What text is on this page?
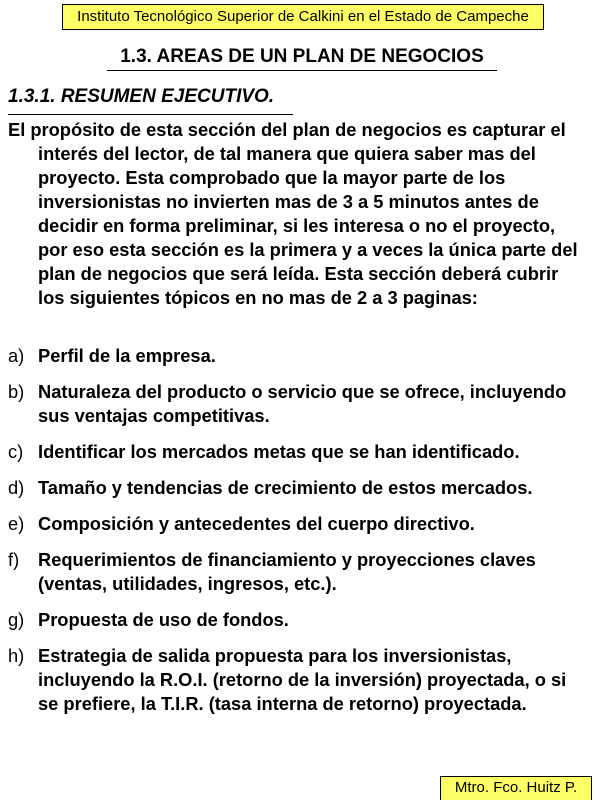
Instituto Tecnológico Superior de Calkini en el Estado de Campeche
1.3. AREAS DE UN PLAN DE NEGOCIOS
1.3.1. RESUMEN EJECUTIVO.

El propósito de esta sección del plan de negocios es capturar el interés del lector, de tal manera que quiera saber mas del proyecto. Esta comprobado que la mayor parte de los inversionistas no invierten mas de 3 a 5 minutos antes de decidir en forma preliminar, si les interesa o no el proyecto, por eso esta sección es la primera y a veces la única parte del plan de negocios que será leída. Esta sección deberá cubrir los siguientes tópicos en no mas de 2 a 3 paginas:

a) Perfil de la empresa.
b) Naturaleza del producto o servicio que se ofrece, incluyendo sus ventajas competitivas.
c) Identificar los mercados metas que se han identificado.
d) Tamaño y tendencias de crecimiento de estos mercados.
e) Composición y antecedentes del cuerpo directivo.
f)	Requerimientos de financiamiento y proyecciones claves (ventas, utilidades, ingresos, etc.).
g) Propuesta de uso de fondos.
h) Estrategia de salida propuesta para los inversionistas, incluyendo la R.O.I. (retorno de la inversión) proyectada, o si se prefiere, la T.I.R. (tasa interna de retorno) proyectada.
Mtro. Fco. Huitz P.
